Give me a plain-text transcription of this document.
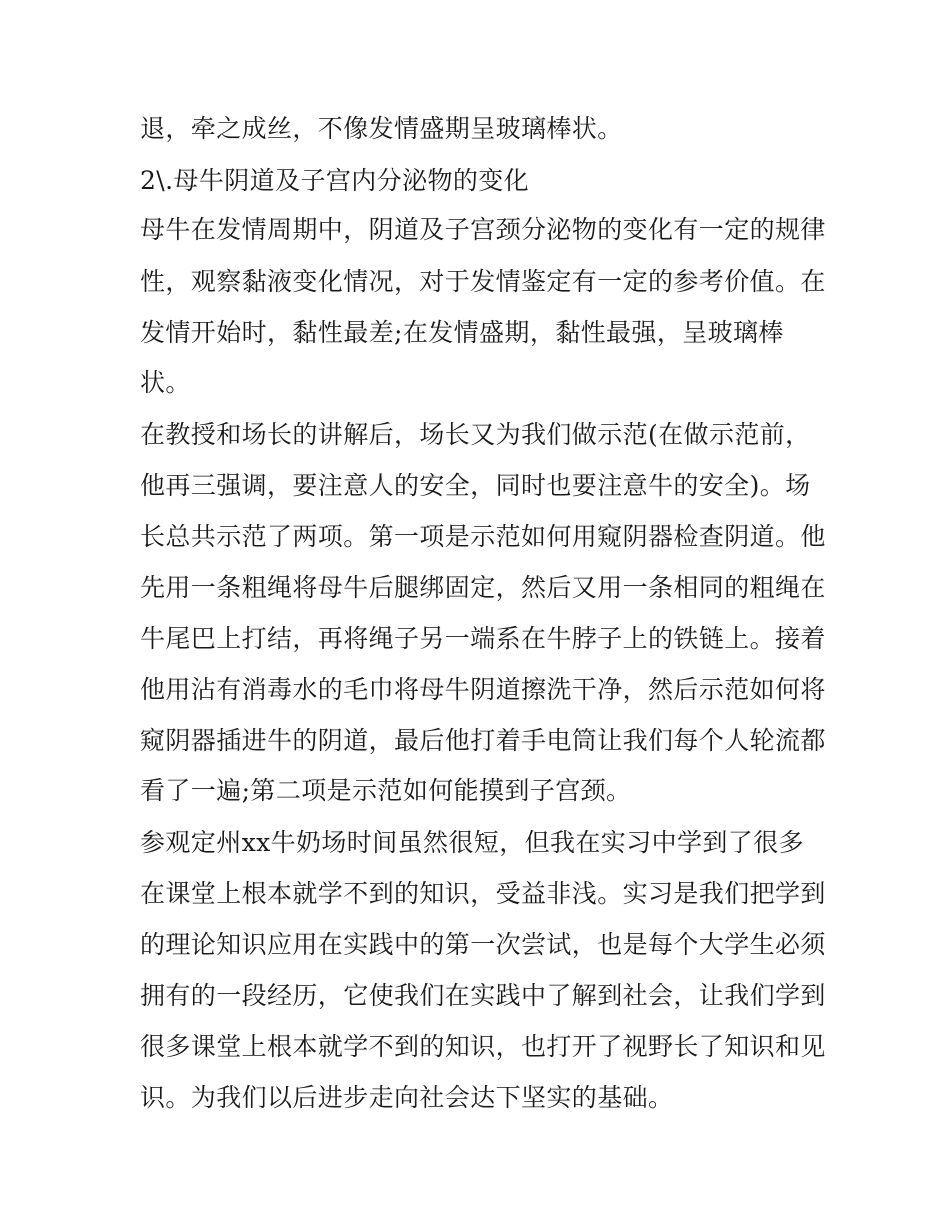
退，牵之成丝，不像发情盛期呈玻璃棒状。
2\.母牛阴道及子宫内分泌物的变化
母牛在发情周期中，阴道及子宫颈分泌物的变化有一定的规律
性，观察黏液变化情况，对于发情鉴定有一定的参考价值。在
发情开始时，黏性最差;在发情盛期，黏性最强，呈玻璃棒
状。
在教授和场长的讲解后，场长又为我们做示范(在做示范前，
他再三强调，要注意人的安全，同时也要注意牛的安全)。场
长总共示范了两项。第一项是示范如何用窥阴器检查阴道。他
先用一条粗绳将母牛后腿绑固定，然后又用一条相同的粗绳在
牛尾巴上打结，再将绳子另一端系在牛脖子上的铁链上。接着
他用沾有消毒水的毛巾将母牛阴道擦洗干净，然后示范如何将
窥阴器插进牛的阴道，最后他打着手电筒让我们每个人轮流都
看了一遍;第二项是示范如何能摸到子宫颈。
参观定州xx牛奶场时间虽然很短，但我在实习中学到了很多
在课堂上根本就学不到的知识，受益非浅。实习是我们把学到
的理论知识应用在实践中的第一次尝试，也是每个大学生必须
拥有的一段经历，它使我们在实践中了解到社会，让我们学到
很多课堂上根本就学不到的知识，也打开了视野长了知识和见
识。为我们以后进步走向社会达下坚实的基础。
